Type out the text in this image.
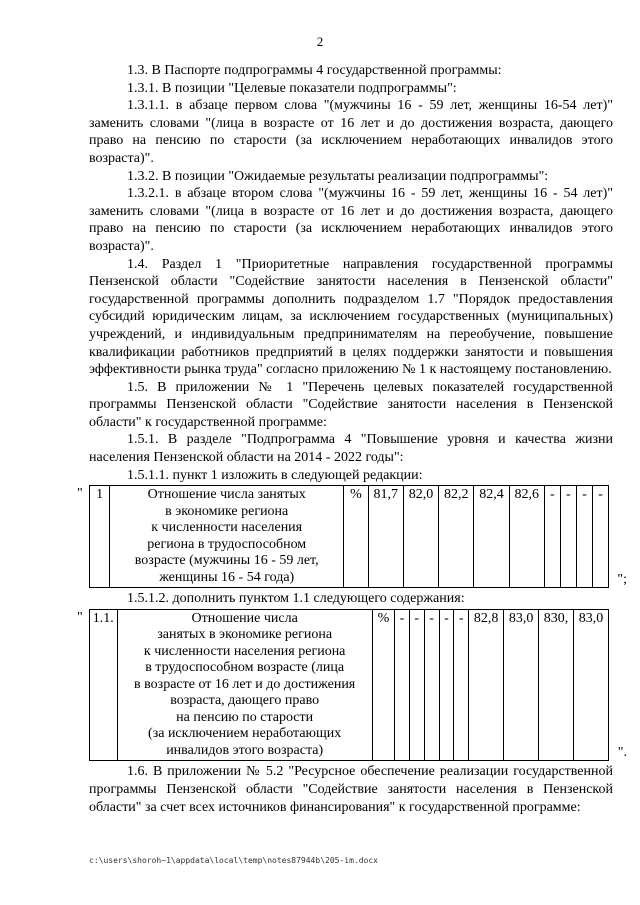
2

1.3. В Паспорте подпрограммы 4 государственной программы:

1.3.1. В позиции "Целевые показатели подпрограммы":

1.3.1.1. в абзаце первом слова "(мужчины 16 - 59 лет, женщины 16-54 лет)" заменить словами "(лица в возрасте от 16 лет и до достижения возраста, дающего право на пенсию по старости (за исключением неработающих инвалидов этого возраста)".

1.3.2. В позиции "Ожидаемые результаты реализации подпрограммы":

1.3.2.1. в абзаце втором слова "(мужчины 16 - 59 лет, женщины 16 - 54 лет)" заменить словами "(лица в возрасте от 16 лет и до достижения возраста, дающего право на пенсию по старости (за исключением неработающих инвалидов этого возраста)".

1.4. Раздел 1 "Приоритетные направления государственной программы Пензенской области "Содействие занятости населения в Пензенской области" государственной программы дополнить подразделом 1.7 "Порядок предоставления субсидий юридическим лицам, за исключением государственных (муниципальных) учреждений, и индивидуальным предпринимателям на переобучение, повышение квалификации работников предприятий в целях поддержки занятости и повышения эффективности рынка труда" согласно приложению № 1 к настоящему постановлению.

1.5. В приложении № 1 "Перечень целевых показателей государственной программы Пензенской области "Содействие занятости населения в Пензенской области" к государственной программе:

1.5.1. В разделе "Подпрограмма 4 "Повышение уровня и качества жизни населения Пензенской области на 2014 - 2022 годы":

1.5.1.1. пункт 1 изложить в следующей редакции:

" 1	Отношение числа занятых
в экономике региона
к численности населения
региона в трудоспособном
возрасте (мужчины 16 - 59 лет,
женщины 16 - 54 года)
	%	81,7	82,0	82,2	82,4	82,6	-	-	-	-
";

1.5.1.2. дополнить пунктом 1.1 следующего содержания:

" 1.1.	Отношение числа
занятых в экономике региона
к численности населения региона
в трудоспособном возрасте (лица
в возрасте от 16 лет и до достижения
возраста, дающего право
на пенсию по старости
(за исключением неработающих
инвалидов этого возраста)
	%	-	-	-	-	-	82,8	83,0	830,	83,0
".

1.6. В приложении № 5.2 "Ресурсное обеспечение реализации государственной программы Пензенской области "Содействие занятости населения в Пензенской области" за счет всех источников финансирования" к государственной программе:

c:\users\shoroh~1\appdata\local\temp\notes87944b\205-im.docx
